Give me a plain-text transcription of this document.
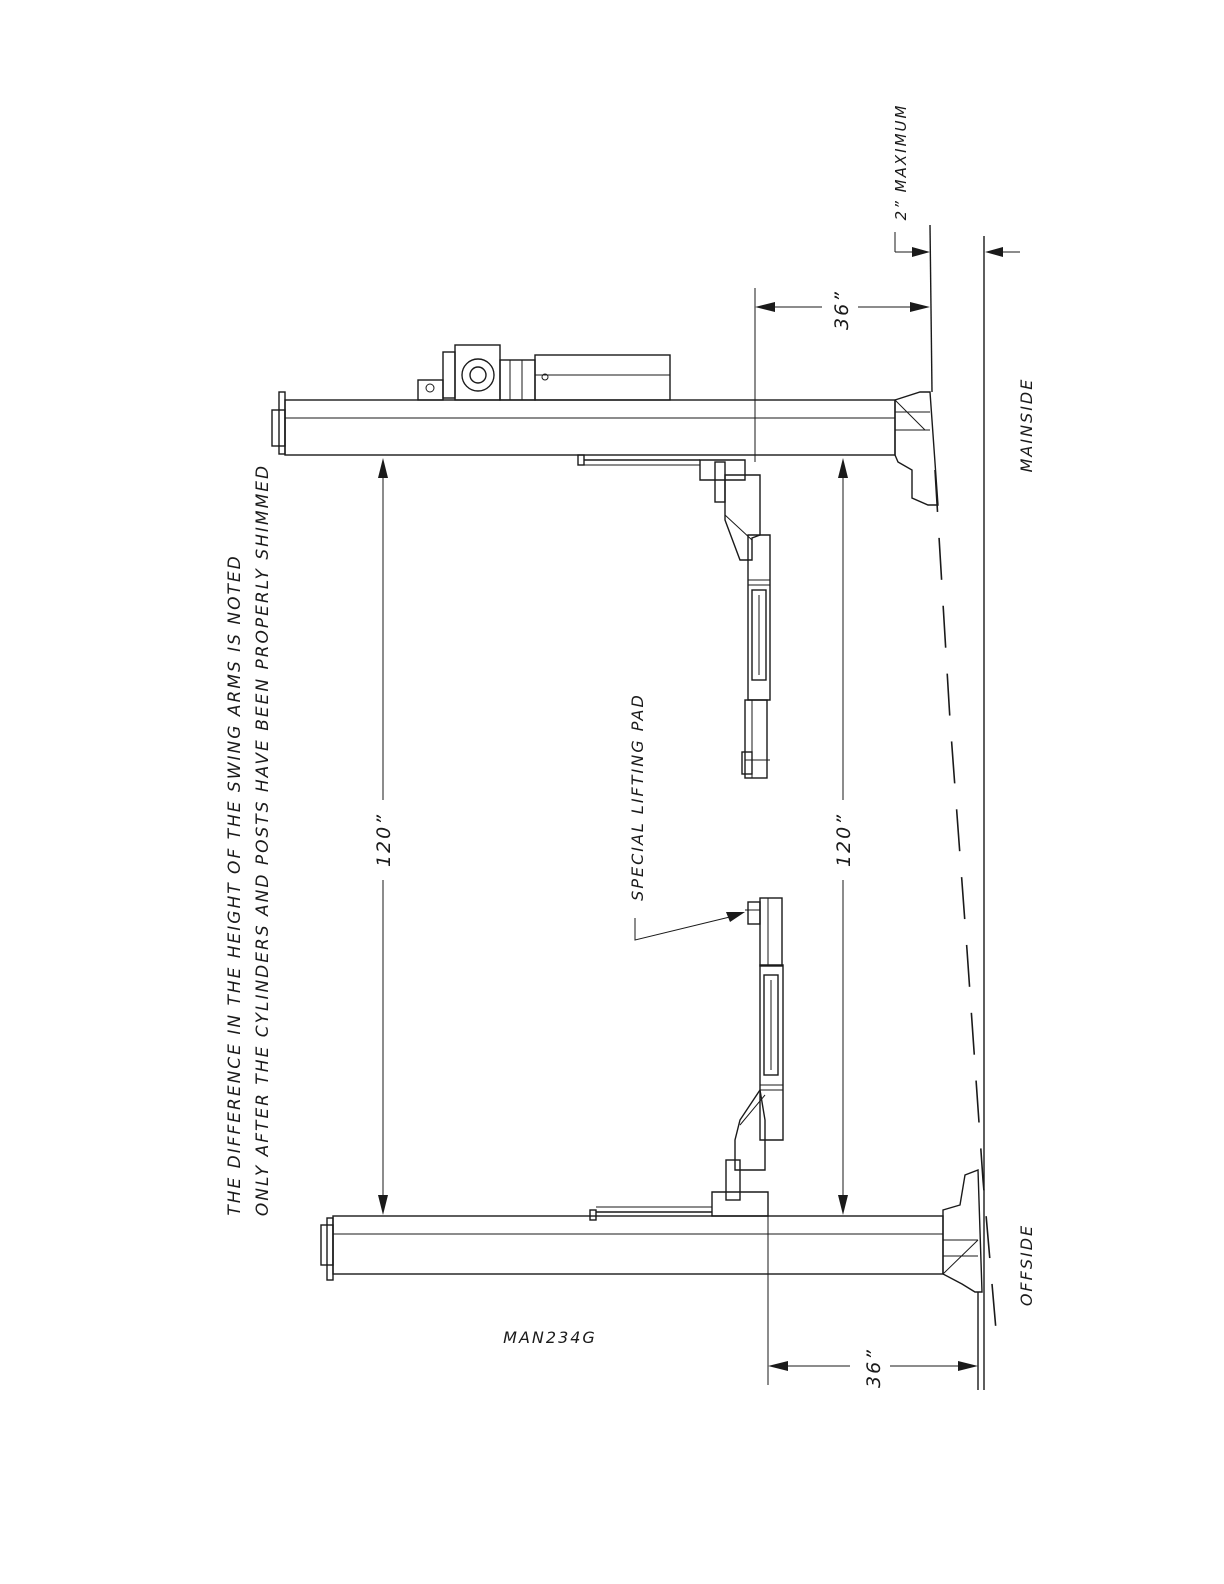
THE DIFFERENCE IN THE HEIGHT OF THE SWING ARMS IS NOTED ONLY AFTER THE CYLINDERS AND POSTS HAVE BEEN PROPERLY SHIMMED	120”	120”
36”
36”
SPECIAL LIFTING PAD
2” MAXIMUM
MAINSIDE
OFFSIDE
MAN234G
